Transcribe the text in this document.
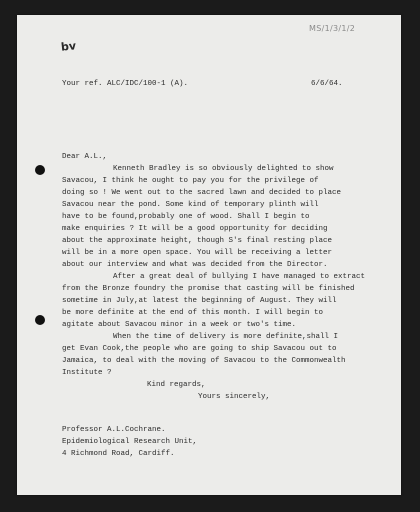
MS/1/3/1/2
bv
Your ref. ALC/IDC/100-1 (A).	6/6/64.
Dear A.L.,
Kenneth Bradley is so obviously delighted to show
Savacou, I think he ought to pay you for the privilege of
doing so ! We went out to the sacred lawn and decided to place
Savacou near the pond. Some kind of temporary plinth will
have to be found,probably one of wood. Shall I begin to
make enquiries ? It will be a good opportunity for deciding
about the approximate height, though S's final resting place
will be in a more open space. You will be receiving a letter
about our interview and what was decided from the Director.
After a great deal of bullying I have managed to extract
from the Bronze foundry the promise that casting will be finished
sometime in July,at latest the beginning of August. They will
be more definite at the end of this month. I will begin to
agitate about Savacou minor in a week or two's time.
When the time of delivery is more definite,shall I
get Evan Cook,the people who are going to ship Savacou out to
Jamaica, to deal with the moving of Savacou to the Commonwealth
Institute ?
Kind regards,
Yours sincerely,
Professor A.L.Cochrane.
Epidemiological Research Unit,
4 Richmond Road, Cardiff.
